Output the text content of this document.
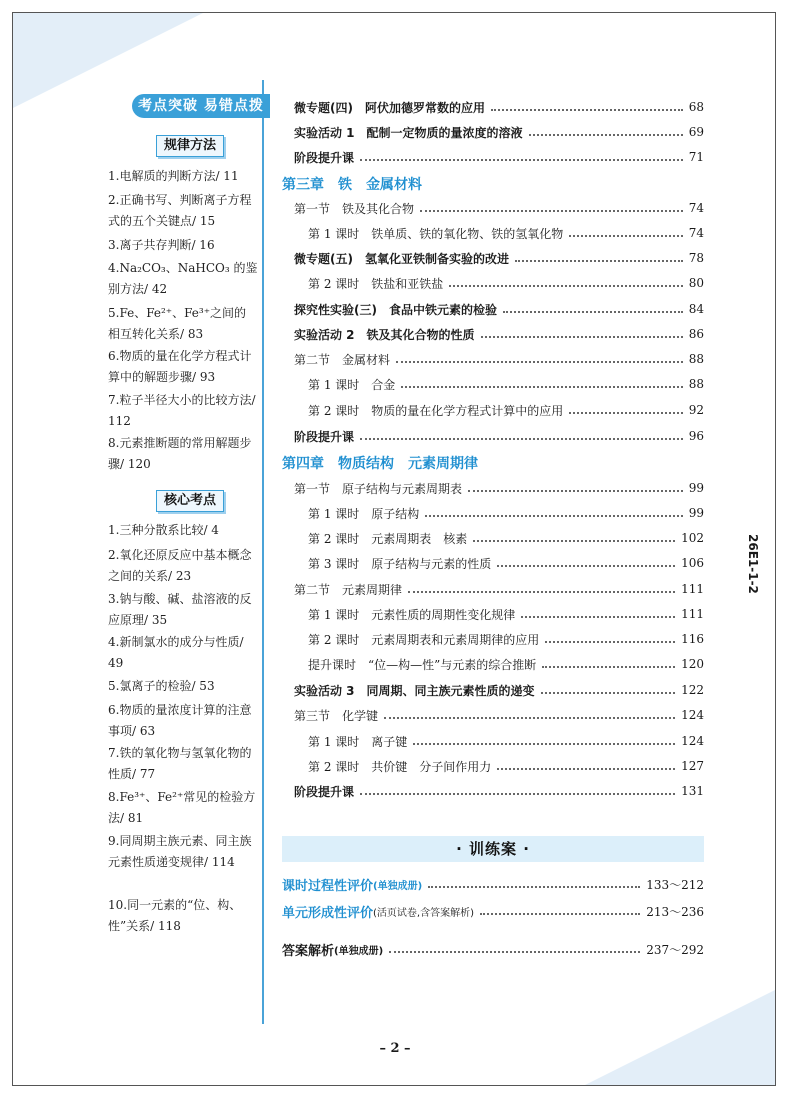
考点突破 易错点拨
规律方法
1.电解质的判断方法/ 11
2.正确书写、判断离子方程式的五个关键点/ 15
3.离子共存判断/ 16
4.Na₂CO₃、NaHCO₃ 的鉴别方法/ 42
5.Fe、Fe²⁺、Fe³⁺之间的相互转化关系/ 83
6.物质的量在化学方程式计算中的解题步骤/ 93
7.粒子半径大小的比较方法/ 112
8.元素推断题的常用解题步骤/ 120
核心考点
1.三种分散系比较/ 4
2.氧化还原反应中基本概念之间的关系/ 23
3.钠与酸、碱、盐溶液的反应原理/ 35
4.新制氯水的成分与性质/ 49
5.氯离子的检验/ 53
6.物质的量浓度计算的注意事项/ 63
7.铁的氧化物与氢氧化物的性质/ 77
8.Fe³⁺、Fe²⁺常见的检验方法/ 81
9.同周期主族元素、同主族元素性质递变规律/ 114
10.同一元素的“位、构、性”关系/ 118
微专题(四)　阿伏加德罗常数的应用	68
实验活动 1　配制一定物质的量浓度的溶液	69
阶段提升课	71
第三章　铁　金属材料
第一节　铁及其化合物	74
第 1 课时　铁单质、铁的氧化物、铁的氢氧化物	74
微专题(五)　氢氧化亚铁制备实验的改进	78
第 2 课时　铁盐和亚铁盐	80
探究性实验(三)　食品中铁元素的检验	84
实验活动 2　铁及其化合物的性质	86
第二节　金属材料	88
第 1 课时　合金	88
第 2 课时　物质的量在化学方程式计算中的应用	92
阶段提升课	96
第四章　物质结构　元素周期律
第一节　原子结构与元素周期表	99
第 1 课时　原子结构	99
第 2 课时　元素周期表　核素	102
第 3 课时　原子结构与元素的性质	106
第二节　元素周期律	111
第 1 课时　元素性质的周期性变化规律	111
第 2 课时　元素周期表和元素周期律的应用	116
提升课时　“位—构—性”与元素的综合推断	120
实验活动 3　同周期、同主族元素性质的递变	122
第三节　化学键	124
第 1 课时　离子键	124
第 2 课时　共价键　分子间作用力	127
阶段提升课	131
· 训练案 ·
课时过程性评价 (单独成册)	133～212
单元形成性评价 (活页试卷,含答案解析)	213～236
答案解析 (单独成册)	237～292
26E1-1-2
– 2 –
